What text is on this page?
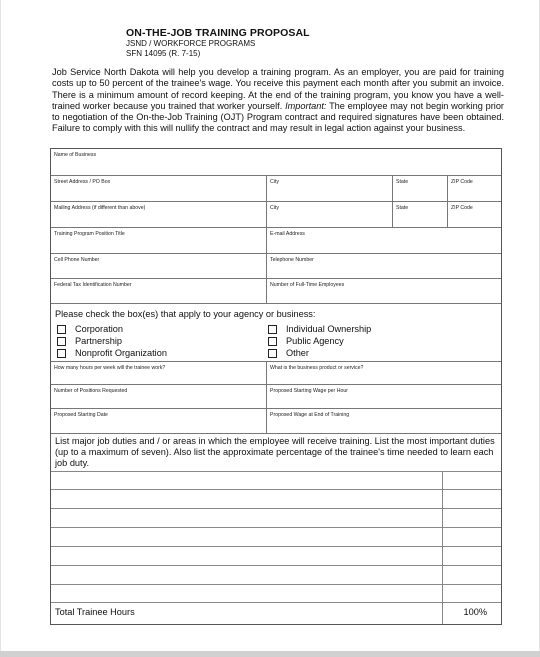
ON-THE-JOB TRAINING PROPOSAL
JSND / WORKFORCE PROGRAMS
SFN 14095 (R. 7-15)
Job Service North Dakota will help you develop a training program. As an employer, you are paid for training costs up to 50 percent of the trainee's wage. You receive this payment each month after you submit an invoice. There is a minimum amount of record keeping. At the end of the training program, you know you have a well-trained worker because you trained that worker yourself. Important: The employee may not begin working prior to negotiation of the On-the-Job Training (OJT) Program contract and required signatures have been obtained. Failure to comply with this will nullify the contract and may result in legal action against your business.
Name of Business
Street Address / PO Box	City	State	ZIP Code
Mailing Address (if different than above)	City	State	ZIP Code
Training Program Position Title	E-mail Address
Cell Phone Number	Telephone Number
Federal Tax Identification Number	Number of Full-Time Employees
Please check the box(es) that apply to your agency or business:
Corporation	Individual Ownership
Partnership	Public Agency
Nonprofit Organization	Other
How many hours per week will the trainee work?	What is the business product or service?
Number of Positions Requested	Proposed Starting Wage per Hour
Proposed Starting Date	Proposed Wage at End of Training
List major job duties and / or areas in which the employee will receive training. List the most important duties (up to a maximum of seven). Also list the approximate percentage of the trainee's time needed to learn each job duty.
Total Trainee Hours	100%
